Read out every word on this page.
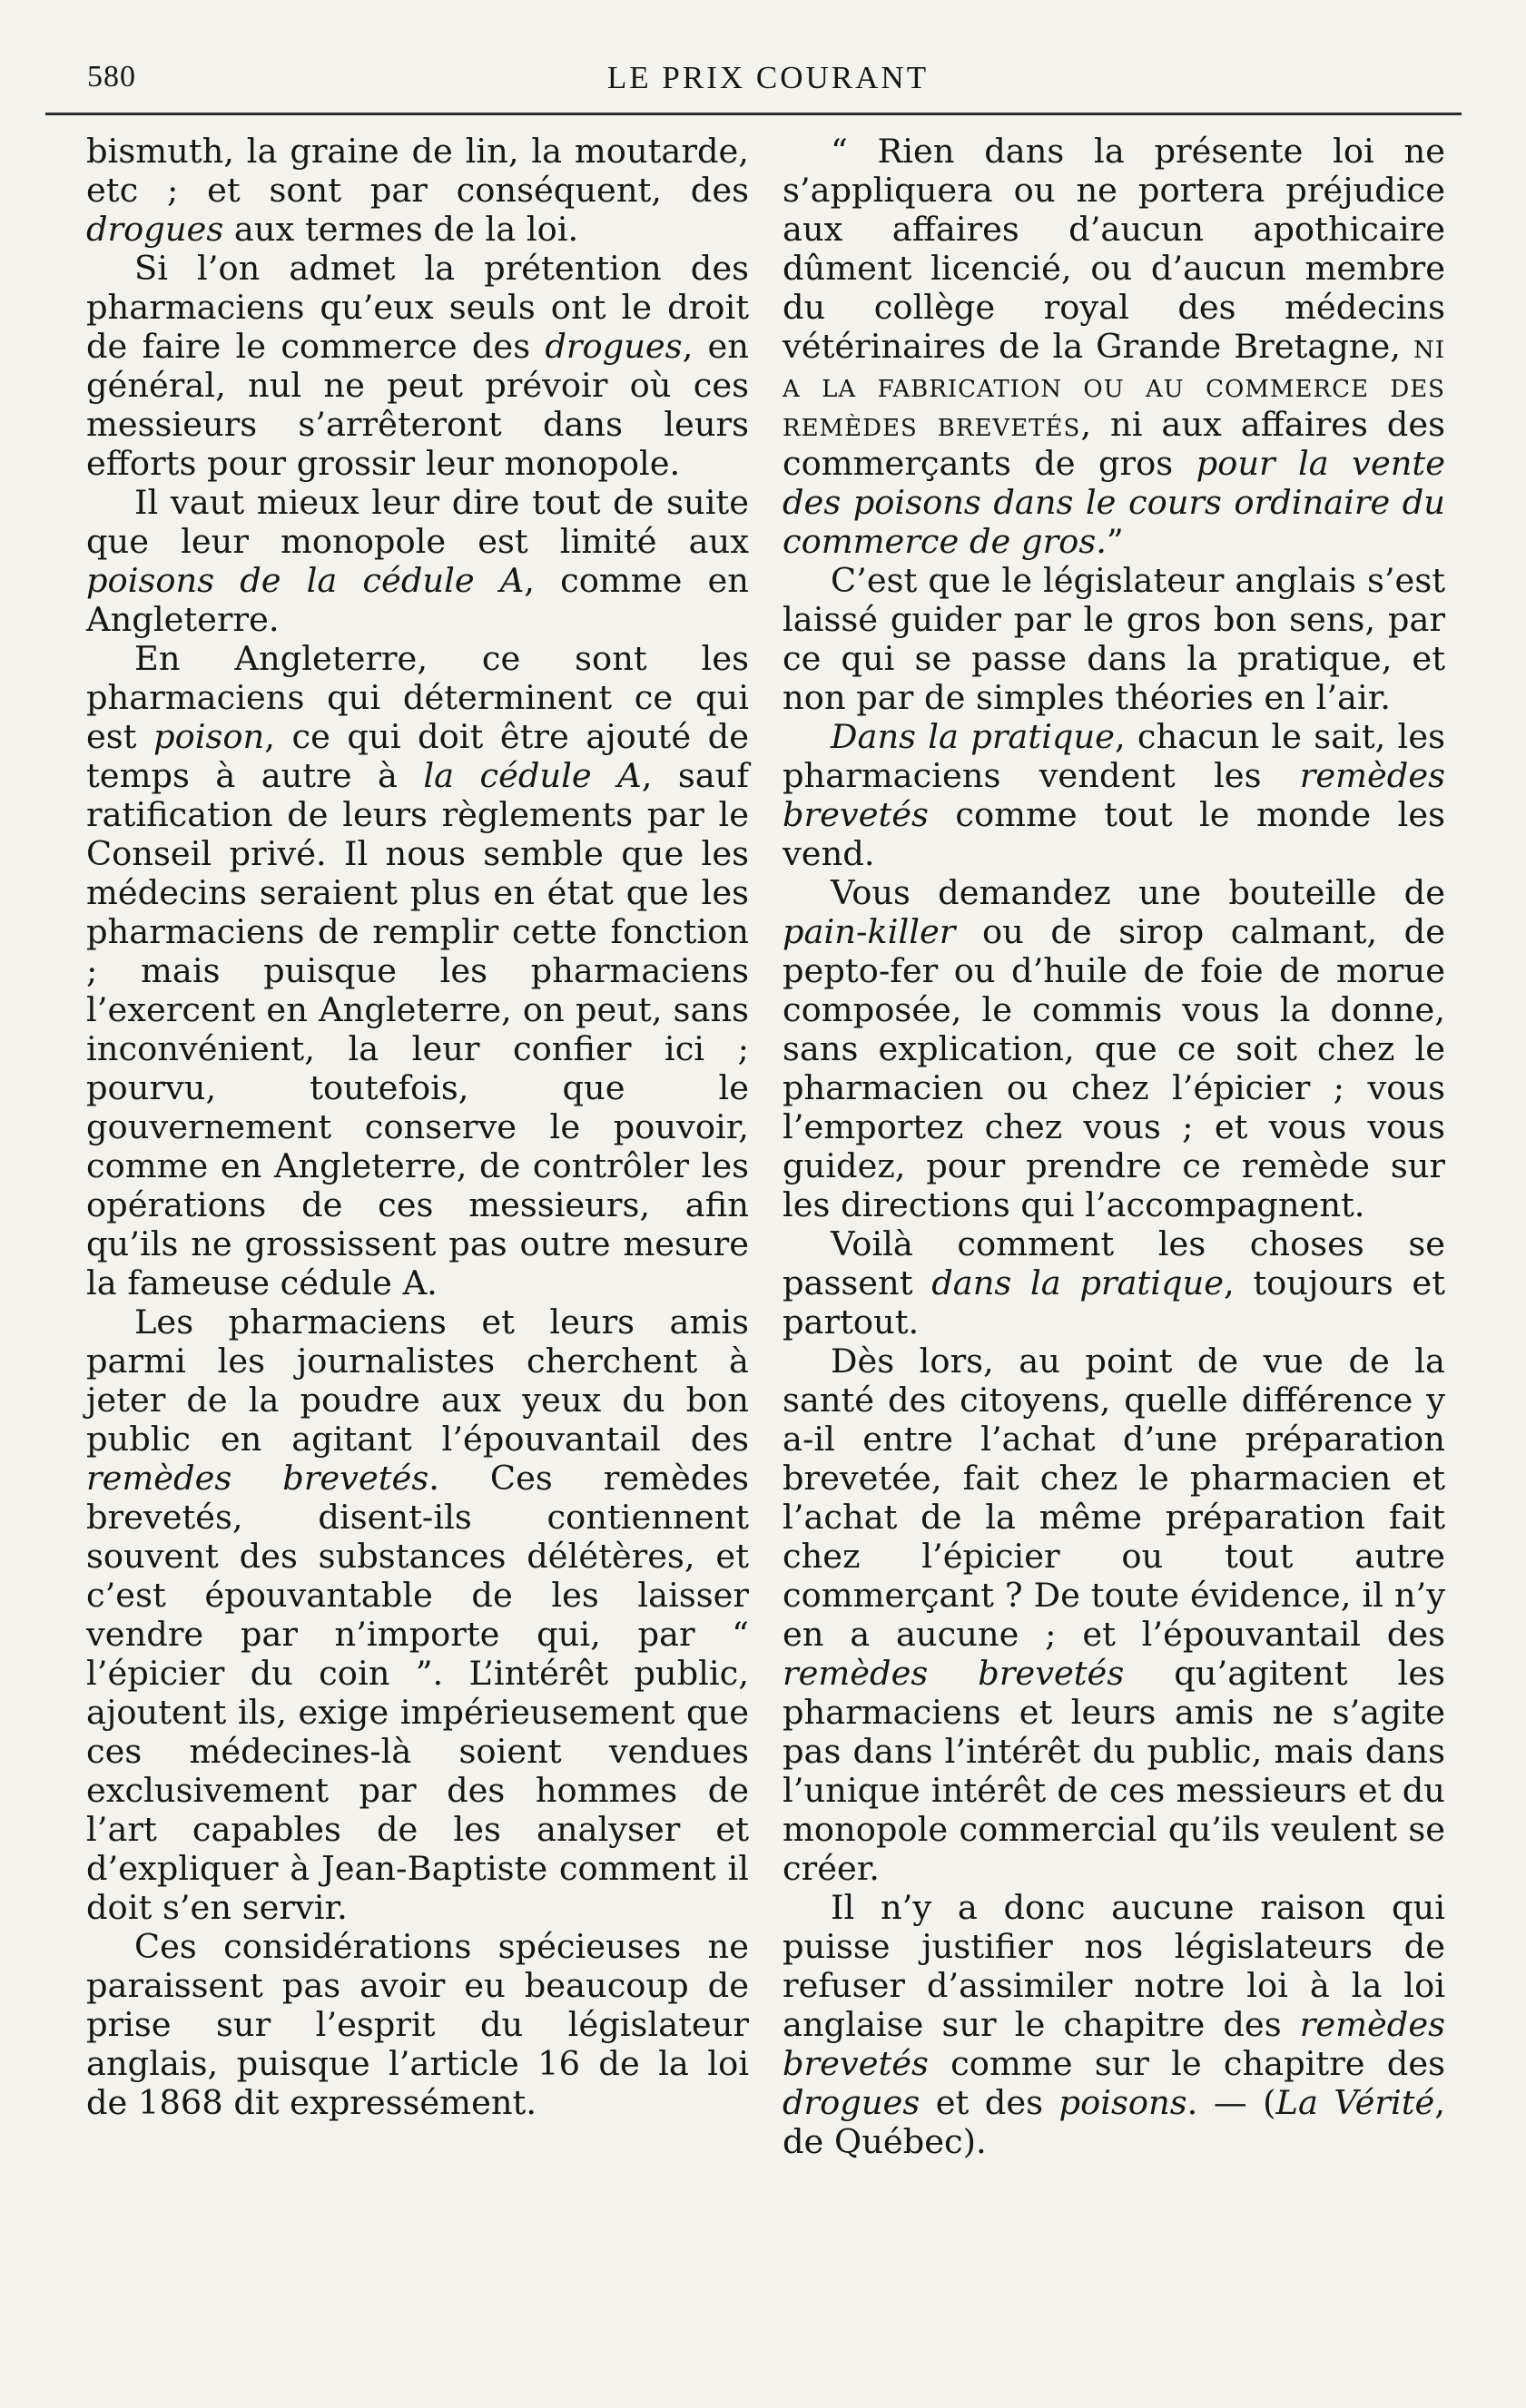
580	LE PRIX COURANT

bismuth, la graine de lin, la moutarde, etc ; et sont par conséquent, des drogues aux termes de la loi.

Si l’on admet la prétention des pharmaciens qu’eux seuls ont le droit de faire le commerce des drogues, en général, nul ne peut prévoir où ces messieurs s’arrêteront dans leurs efforts pour grossir leur monopole.

Il vaut mieux leur dire tout de suite que leur monopole est limité aux poisons de la cédule A, comme en Angleterre.

En Angleterre, ce sont les pharmaciens qui déterminent ce qui est poison, ce qui doit être ajouté de temps à autre à la cédule A, sauf ratification de leurs règlements par le Conseil privé. Il nous semble que les médecins seraient plus en état que les pharmaciens de remplir cette fonction ; mais puisque les pharmaciens l’exercent en Angleterre, on peut, sans inconvénient, la leur confier ici ; pourvu, toutefois, que le gouvernement conserve le pouvoir, comme en Angleterre, de contrôler les opérations de ces messieurs, afin qu’ils ne grossissent pas outre mesure la fameuse cédule A.

Les pharmaciens et leurs amis parmi les journalistes cherchent à jeter de la poudre aux yeux du bon public en agitant l’épouvantail des remèdes brevetés. Ces remèdes brevetés, disent-ils contiennent souvent des substances délétères, et c’est épouvantable de les laisser vendre par n’importe qui, par “ l’épicier du coin ”. L’intérêt public, ajoutent ils, exige impérieusement que ces médecines-là soient vendues exclusivement par des hommes de l’art capables de les analyser et d’expliquer à Jean-Baptiste comment il doit s’en servir.

Ces considérations spécieuses ne paraissent pas avoir eu beaucoup de prise sur l’esprit du législateur anglais, puisque l’article 16 de la loi de 1868 dit expressément.

“ Rien dans la présente loi ne s’appliquera ou ne portera préjudice aux affaires d’aucun apothicaire dûment licencié, ou d’aucun membre du collège royal des médecins vétérinaires de la Grande Bretagne, ni a la fabrication ou au commerce des remèdes brevetés, ni aux affaires des commerçants de gros pour la vente des poisons dans le cours ordinaire du commerce de gros.”

C’est que le législateur anglais s’est laissé guider par le gros bon sens, par ce qui se passe dans la pratique, et non par de simples théories en l’air.

Dans la pratique, chacun le sait, les pharmaciens vendent les remèdes brevetés comme tout le monde les vend.

Vous demandez une bouteille de pain-killer ou de sirop calmant, de pepto-fer ou d’huile de foie de morue composée, le commis vous la donne, sans explication, que ce soit chez le pharmacien ou chez l’épicier ; vous l’emportez chez vous ; et vous vous guidez, pour prendre ce remède sur les directions qui l’accompagnent.

Voilà comment les choses se passent dans la pratique, toujours et partout.

Dès lors, au point de vue de la santé des citoyens, quelle différence y a-il entre l’achat d’une préparation brevetée, fait chez le pharmacien et l’achat de la même préparation fait chez l’épicier ou tout autre commerçant ? De toute évidence, il n’y en a aucune ; et l’épouvantail des remèdes brevetés qu’agitent les pharmaciens et leurs amis ne s’agite pas dans l’intérêt du public, mais dans l’unique intérêt de ces messieurs et du monopole commercial qu’ils veulent se créer.

Il n’y a donc aucune raison qui puisse justifier nos législateurs de refuser d’assimiler notre loi à la loi anglaise sur le chapitre des remèdes brevetés comme sur le chapitre des drogues et des poisons. — (La Vérité, de Québec).
